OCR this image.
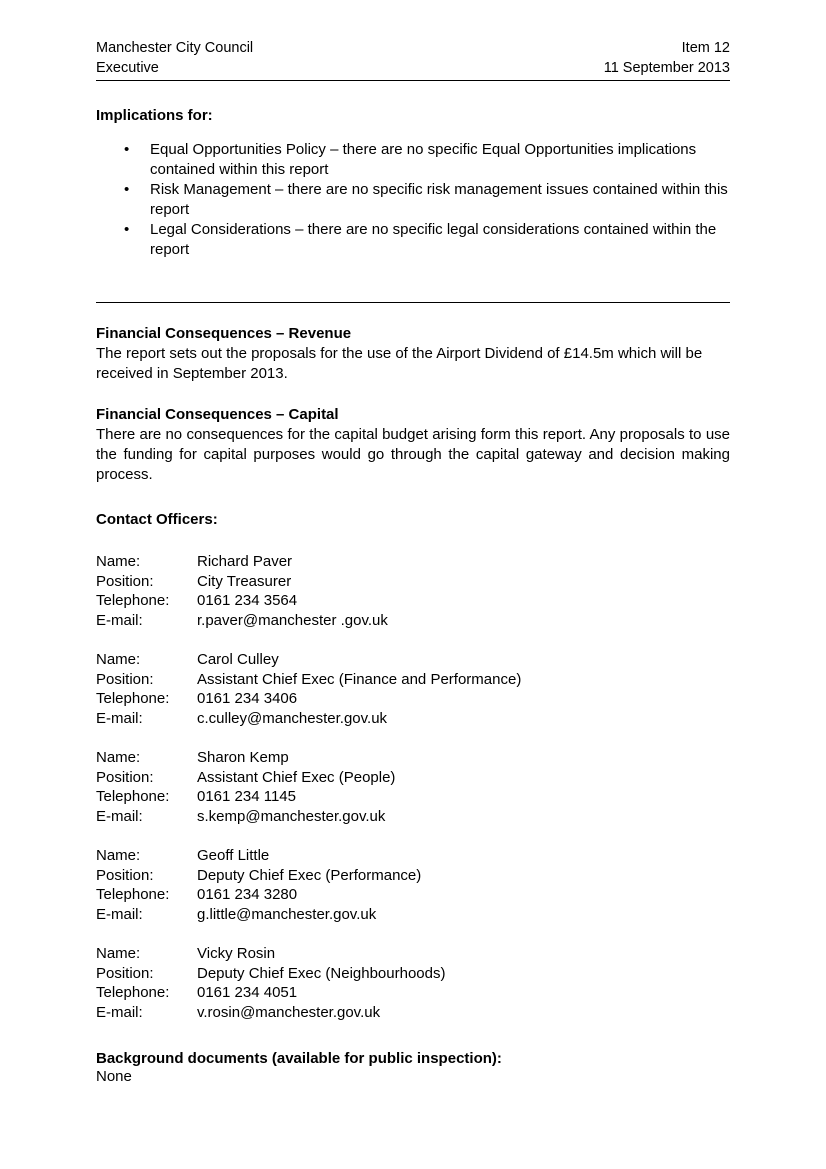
Manchester City Council	Item 12
Executive	11 September 2013
Implications for:
• Equal Opportunities Policy – there are no specific Equal Opportunities implications contained within this report
• Risk Management – there are no specific risk management issues contained within this report
• Legal Considerations – there are no specific legal considerations contained within the report
Financial Consequences – Revenue

The report sets out the proposals for the use of the Airport Dividend of £14.5m which will be received in September 2013.

Financial Consequences – Capital

There are no consequences for the capital budget arising form this report. Any proposals to use the funding for capital purposes would go through the capital gateway and decision making process.

Contact Officers:
Name:	Richard Paver
Position:	City Treasurer
Telephone:	0161 234 3564
E-mail:	r.paver@manchester .gov.uk
Name:	Carol Culley
Position:	Assistant Chief Exec (Finance and Performance)
Telephone:	0161 234 3406
E-mail:	c.culley@manchester.gov.uk
Name:	Sharon Kemp
Position:	Assistant Chief Exec (People)
Telephone:	0161 234 1145
E-mail:	s.kemp@manchester.gov.uk
Name:	Geoff Little
Position:	Deputy Chief Exec (Performance)
Telephone:	0161 234 3280
E-mail:	g.little@manchester.gov.uk
Name:	Vicky Rosin
Position:	Deputy Chief Exec (Neighbourhoods)
Telephone:	0161 234 4051
E-mail:	v.rosin@manchester.gov.uk
Background documents (available for public inspection):

None
